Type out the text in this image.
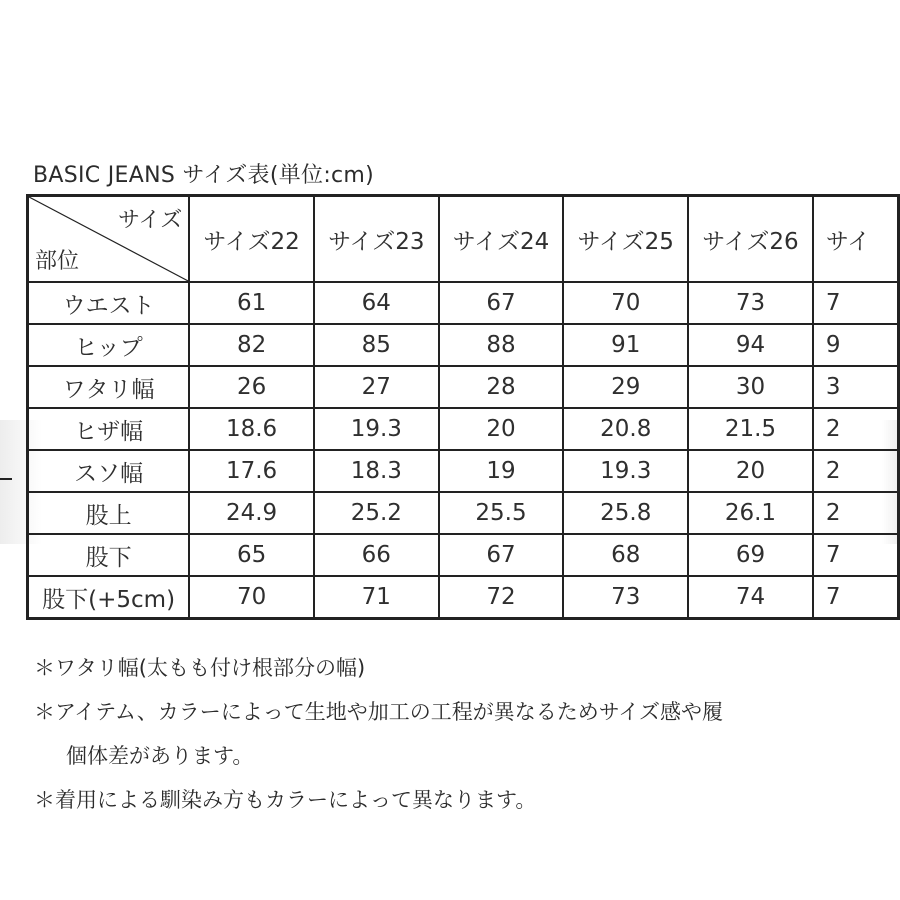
BASIC JEANS サイズ表(単位:cm)
サイズ
部位	サイズ22	サイズ23	サイズ24	サイズ25	サイズ26	サイ
ウエスト	61	64	67	70	73	7
ヒップ	82	85	88	91	94	9
ワタリ幅	26	27	28	29	30	3
ヒザ幅	18.6	19.3	20	20.8	21.5	2
スソ幅	17.6	18.3	19	19.3	20	2
股上	24.9	25.2	25.5	25.8	26.1	2
股下	65	66	67	68	69	7
股下(+5cm)	70	71	72	73	74	7
＊ワタリ幅(太もも付け根部分の幅)
＊アイテム、カラーによって生地や加工の工程が異なるためサイズ感や履
個体差があります。
＊着用による馴染み方もカラーによって異なります。
